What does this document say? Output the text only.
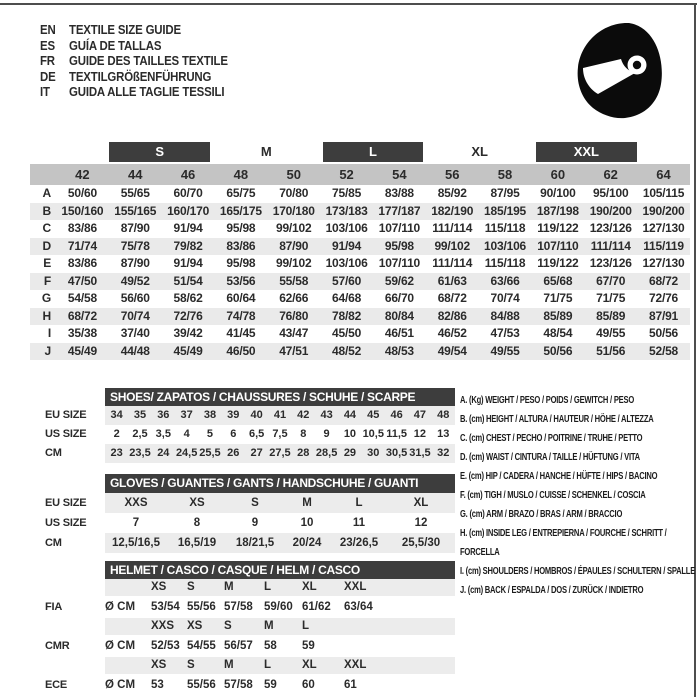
EN	TEXTILE SIZE GUIDE
ES	GUÍA DE TALLAS
FR	GUIDE DES TAILLES TEXTILE
DE	TEXTILGRÖßENFÜHRUNG
IT	GUIDA ALLE TAGLIE TESSILI
S	M	L	XL	XXL
42	44	46	48	50	52	54	56	58	60	62	64
A	50/60	55/65	60/70	65/75	70/80	75/85	83/88	85/92	87/95	90/100	95/100	105/115
B 150/160 155/165 160/170 165/175 170/180 173/183 177/187 182/190 185/195 187/198 190/200 190/200
C	83/86	87/90	91/94	95/98	99/102	103/106 107/110	111/114	115/118 119/122 123/126 127/130
D	71/74	75/78	79/82	83/86	87/90	91/94	95/98	99/102	103/106 107/110	111/114	115/119
E	83/86	87/90	91/94	95/98	99/102	103/106 107/110	111/114	115/118 119/122 123/126 127/130
F	47/50	49/52	51/54	53/56	55/58	57/60	59/62	61/63	63/66	65/68	67/70	68/72
G	54/58	56/60	58/62	60/64	62/66	64/68	66/70	68/72	70/74	71/75	71/75	72/76
H	68/72	70/74	72/76	74/78	76/80	78/82	80/84	82/86	84/88	85/89	85/89	87/91
I	35/38	37/40	39/42	41/45	43/47	45/50	46/51	46/52	47/53	48/54	49/55	50/56
J	45/49	44/48	45/49	46/50	47/51	48/52	48/53	49/54	49/55	50/56	51/56	52/58
SHOES/ ZAPATOS / CHAUSSURES / SCHUHE / SCARPE
EU SIZE	34	35	36	37	38	39	40	41	42	43	44	45	46	47	48
US SIZE	2	2,5 3,5	4	5	6	6,5 7,5	8	9	10 10,5 11,5 12	13
CM	23 23,5 24 24,5 25,5 26	27 27,5 28 28,5 29	30 30,5 31,5 32
GLOVES / GUANTES / GANTS / HANDSCHUHE / GUANTI
EU SIZE	XXS	XS	S	M	L	XL
US SIZE	7	8	9	10	11	12
CM	12,5/16,5	16,5/19	18/21,5	20/24	23/26,5	25,5/30
HELMET / CASCO / CASQUE / HELM / CASCO
XS	S	M	L	XL	XXL
FIA	Ø CM	53/54 55/56 57/58 59/60 61/62	63/64
XXS	XS	S	M	L
CMR	Ø CM	52/53 54/55 56/57 58	59
XS	S	M	L	XL	XXL
ECE	Ø CM	53	55/56 57/58 59	60	61
A. (Kg) WEIGHT / PESO / POIDS / GEWITCH / PESO
B. (cm) HEIGHT / ALTURA / HAUTEUR / HÖHE / ALTEZZA
C. (cm) CHEST / PECHO / POITRINE / TRUHE / PETTO
D. (cm) WAIST / CINTURA / TAILLE / HÜFTUNG / VITA
E. (cm) HIP / CADERA / HANCHE / HÜFTE / HIPS / BACINO
F. (cm) TIGH / MUSLO / CUISSE / SCHENKEL / COSCIA
G. (cm) ARM / BRAZO / BRAS / ARM / BRACCIO
H. (cm) INSIDE LEG / ENTREPIERNA / FOURCHE / SCHRITT / FORCELLA
I. (cm) SHOULDERS / HOMBROS / ÉPAULES / SCHULTERN / SPALLE
J. (cm) BACK / ESPALDA / DOS / ZURÜCK / INDIETRO
